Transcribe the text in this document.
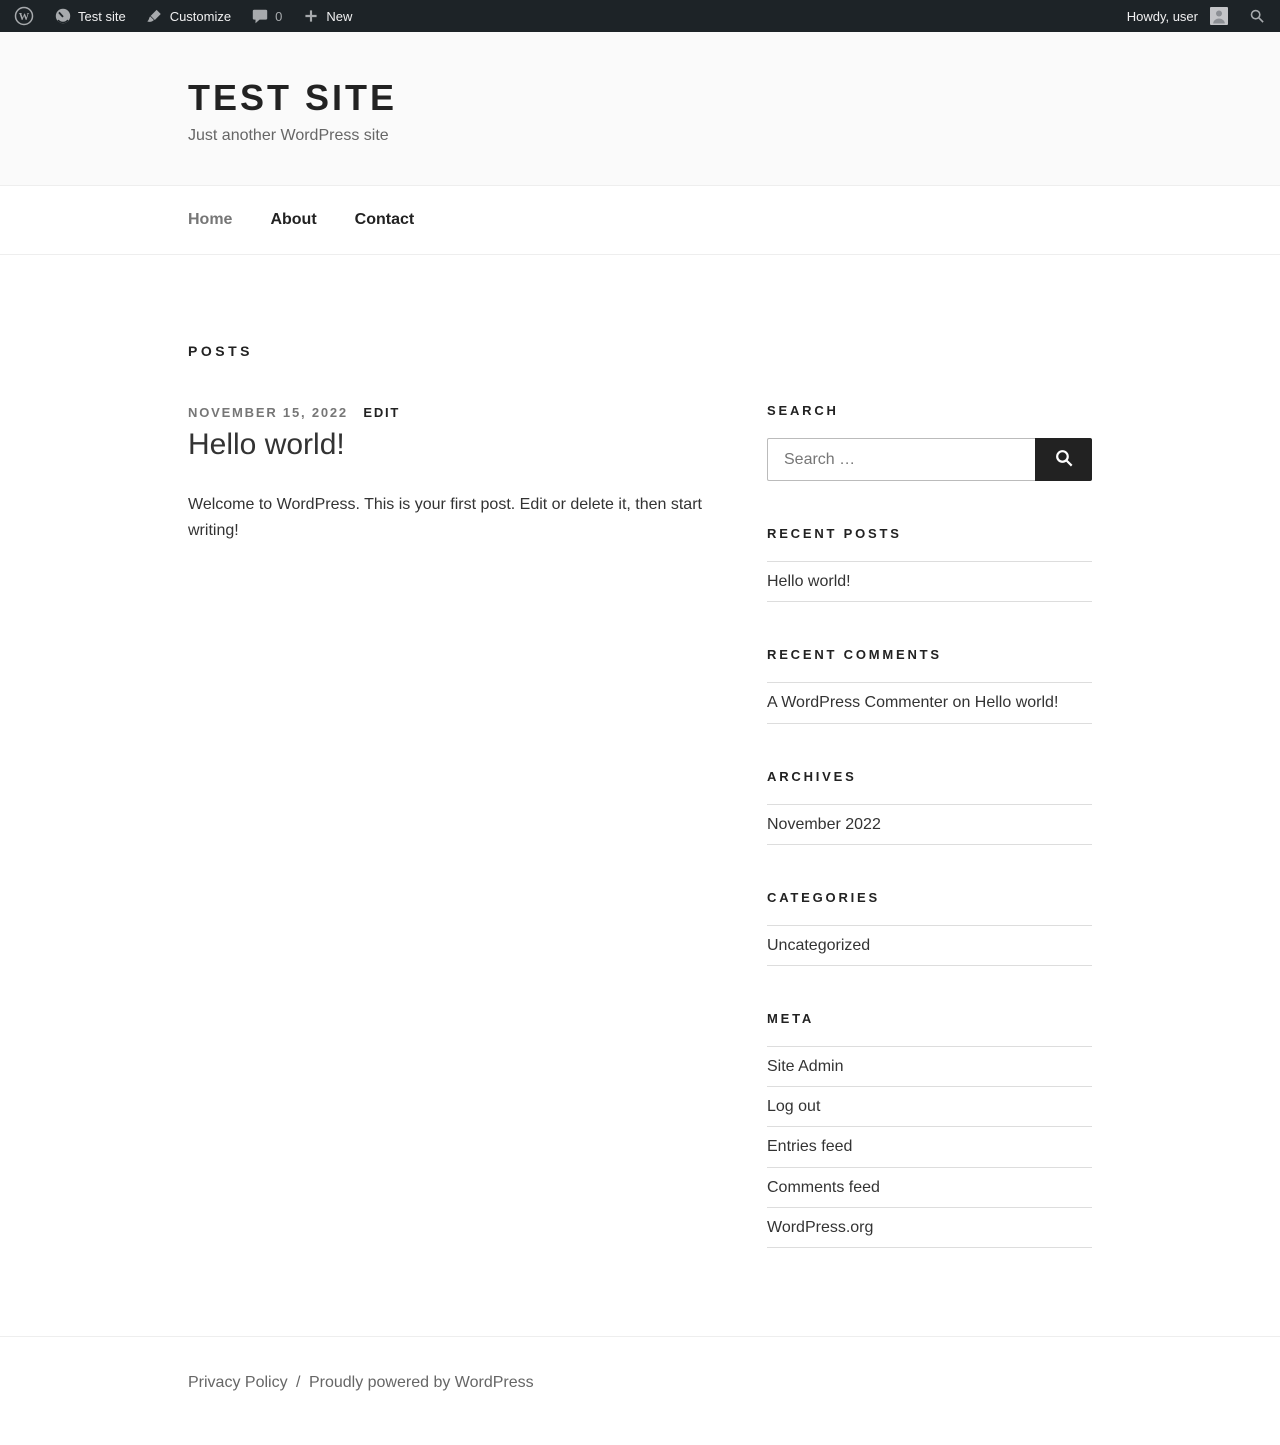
W	Test site	Customize	0	New	Howdy, user
TEST SITE

Just another WordPress site

Home About Contact
POSTS
NOVEMBER 15, 2022 EDIT
Hello world!

Welcome to WordPress. This is your first post. Edit or delete it, then start writing!

SEARCH
Search …
RECENT POSTS
Hello world!
RECENT COMMENTS
A WordPress Commenter on Hello world!
ARCHIVES
November 2022
CATEGORIES
Uncategorized
META
Site Admin
Log out
Entries feed
Comments feed
WordPress.org
Privacy Policy / Proudly powered by WordPress
